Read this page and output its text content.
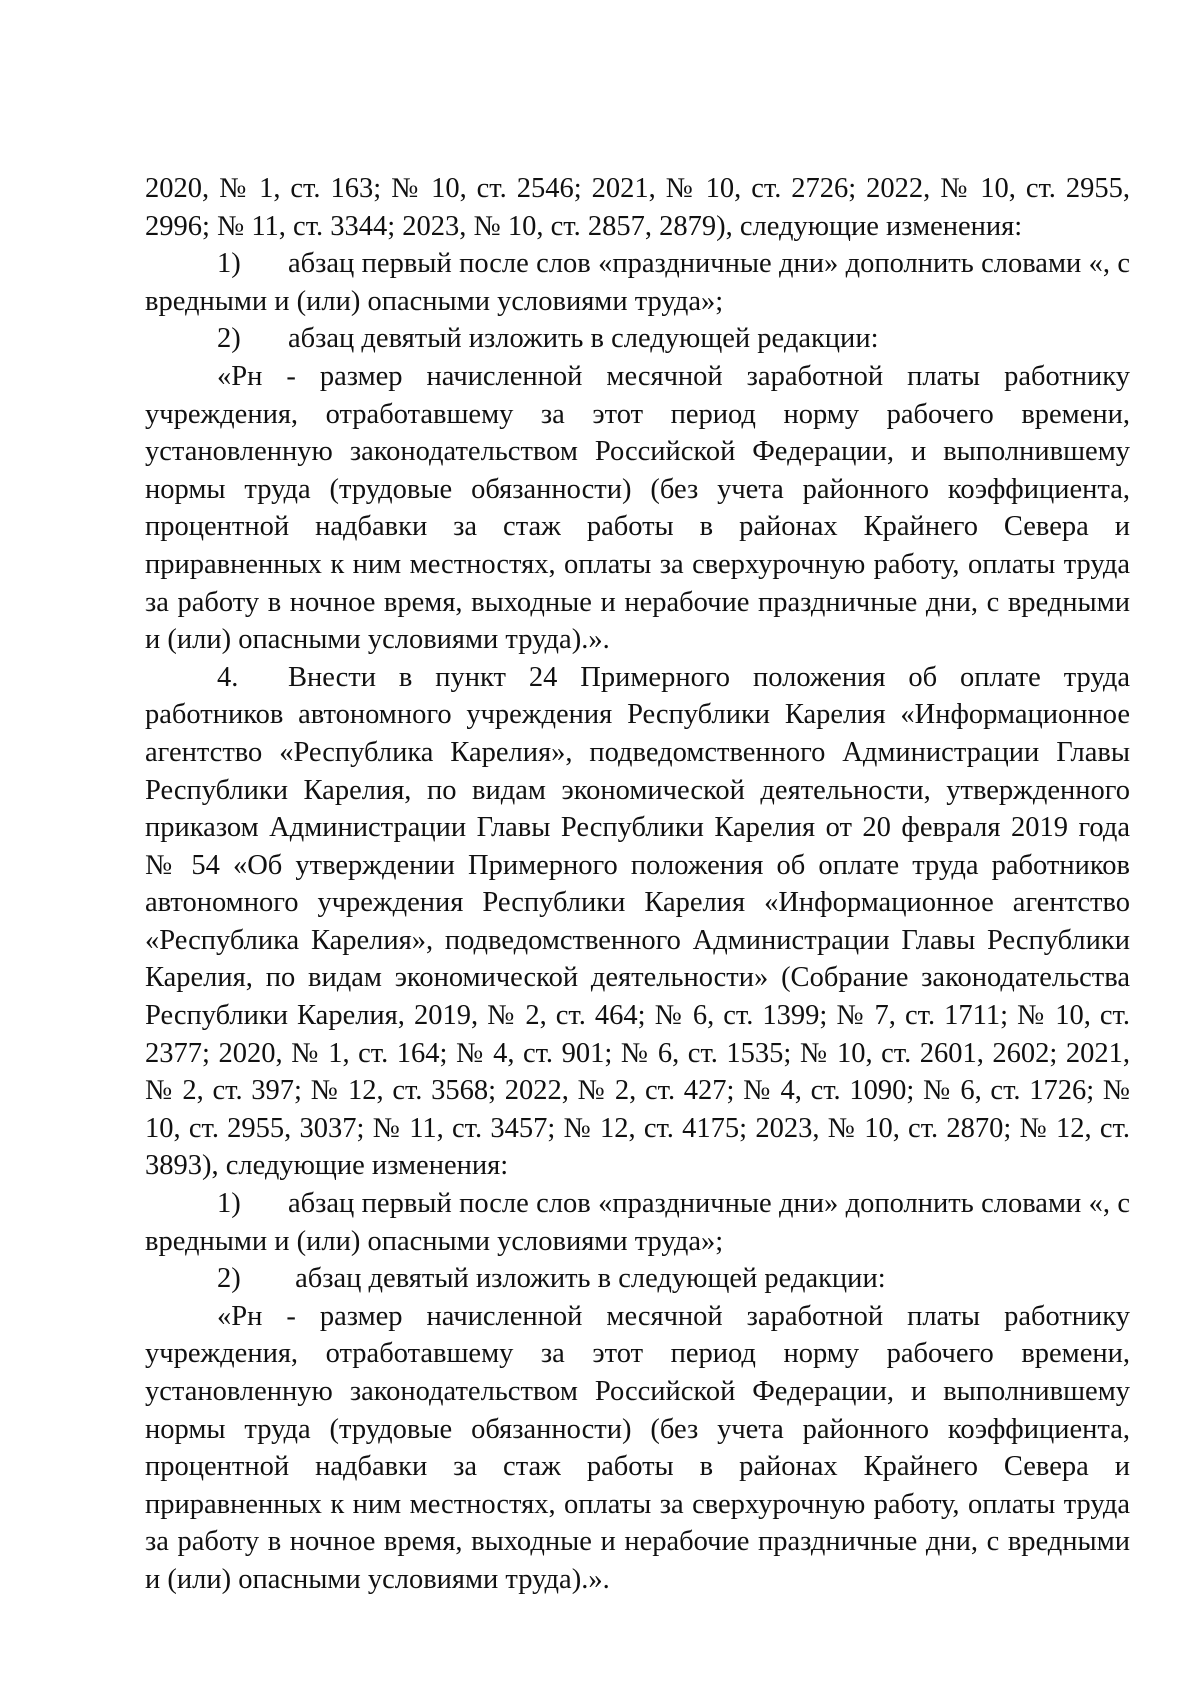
2020, № 1, ст. 163; № 10, ст. 2546; 2021, № 10, ст. 2726; 2022, № 10, ст. 2955, 2996; № 11, ст. 3344; 2023, № 10, ст. 2857, 2879), следующие изменения:

1) абзац первый после слов «праздничные дни» дополнить словами «, с вредными и (или) опасными условиями труда»;

2) абзац девятый изложить в следующей редакции:

«Рн - размер начисленной месячной заработной платы работнику учреждения, отработавшему за этот период норму рабочего времени, установленную законодательством Российской Федерации, и выполнившему нормы труда (трудовые обязанности) (без учета районного коэффициента, процентной надбавки за стаж работы в районах Крайнего Севера и приравненных к ним местностях, оплаты за сверхурочную работу, оплаты труда за работу в ночное время, выходные и нерабочие праздничные дни, с вредными и (или) опасными условиями труда).».

4. Внести в пункт 24 Примерного положения об оплате труда работников автономного учреждения Республики Карелия «Информационное агентство «Республика Карелия», подведомственного Администрации Главы Республики Карелия, по видам экономической деятельности, утвержденного приказом Администрации Главы Республики Карелия от 20 февраля 2019 года № 54 «Об утверждении Примерного положения об оплате труда работников автономного учреждения Республики Карелия «Информационное агентство «Республика Карелия», подведомственного Администрации Главы Республики Карелия, по видам экономической деятельности» (Собрание законодательства Республики Карелия, 2019, № 2, ст. 464; № 6, ст. 1399; № 7, ст. 1711; № 10, ст. 2377; 2020, № 1, ст. 164; № 4, ст. 901; № 6, ст. 1535; № 10, ст. 2601, 2602; 2021, № 2, ст. 397; № 12, ст. 3568; 2022, № 2, ст. 427; № 4, ст. 1090; № 6, ст. 1726; № 10, ст. 2955, 3037; № 11, ст. 3457; № 12, ст. 4175; 2023, № 10, ст. 2870; № 12, ст. 3893), следующие изменения:

1) абзац первый после слов «праздничные дни» дополнить словами «, с вредными и (или) опасными условиями труда»;

2) абзац девятый изложить в следующей редакции:

«Рн - размер начисленной месячной заработной платы работнику учреждения, отработавшему за этот период норму рабочего времени, установленную законодательством Российской Федерации, и выполнившему нормы труда (трудовые обязанности) (без учета районного коэффициента, процентной надбавки за стаж работы в районах Крайнего Севера и приравненных к ним местностях, оплаты за сверхурочную работу, оплаты труда за работу в ночное время, выходные и нерабочие праздничные дни, с вредными и (или) опасными условиями труда).».
